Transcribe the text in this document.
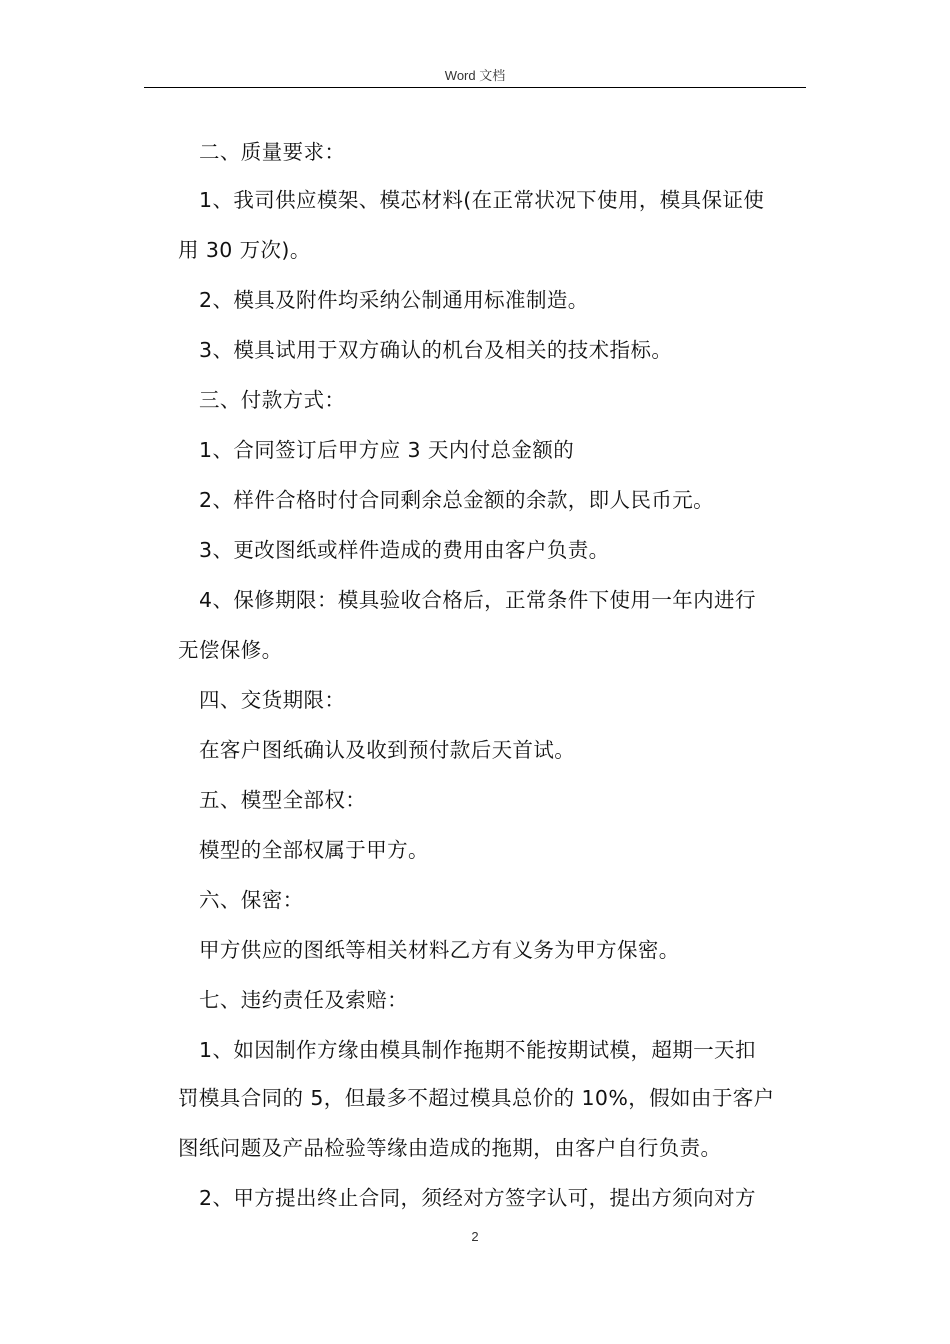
Word 文档
二、质量要求：
1、我司供应模架、模芯材料(在正常状况下使用，模具保证使
用 30 万次)。
2、模具及附件均采纳公制通用标准制造。
3、模具试用于双方确认的机台及相关的技术指标。
三、付款方式：
1、合同签订后甲方应 3 天内付总金额的
2、样件合格时付合同剩余总金额的余款，即人民币元。
3、更改图纸或样件造成的费用由客户负责。
4、保修期限：模具验收合格后，正常条件下使用一年内进行
无偿保修。
四、交货期限：
在客户图纸确认及收到预付款后天首试。
五、模型全部权：
模型的全部权属于甲方。
六、保密：
甲方供应的图纸等相关材料乙方有义务为甲方保密。
七、违约责任及索赔：
1、如因制作方缘由模具制作拖期不能按期试模，超期一天扣
罚模具合同的 5，但最多不超过模具总价的 10%，假如由于客户
图纸问题及产品检验等缘由造成的拖期，由客户自行负责。
2、甲方提出终止合同，须经对方签字认可，提出方须向对方
2
